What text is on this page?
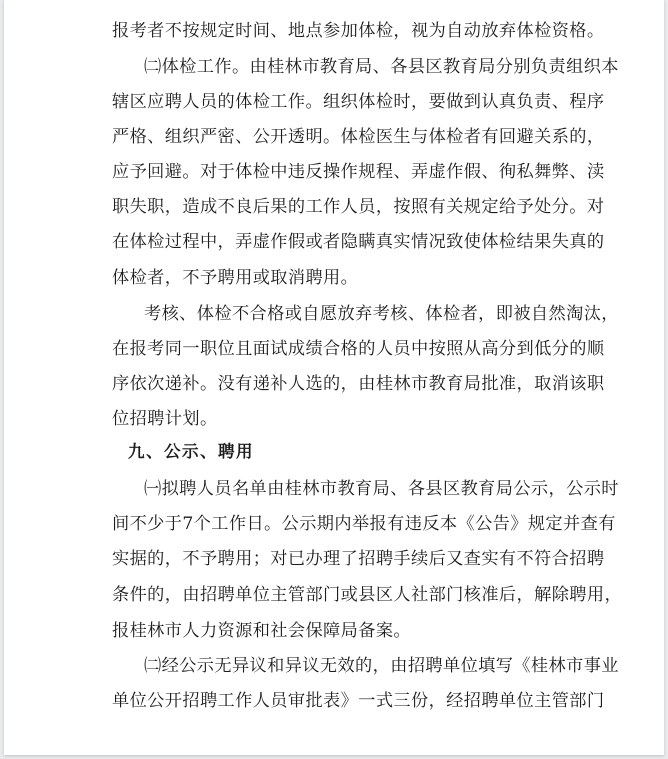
报考者不按规定时间、地点参加体检，视为自动放弃体检资格。
㈡体检工作。由桂林市教育局、各县区教育局分别负责组织本
辖区应聘人员的体检工作。组织体检时，要做到认真负责、程序
严格、组织严密、公开透明。体检医生与体检者有回避关系的，
应予回避。对于体检中违反操作规程、弄虚作假、徇私舞弊、渎
职失职，造成不良后果的工作人员，按照有关规定给予处分。对
在体检过程中，弄虚作假或者隐瞒真实情况致使体检结果失真的
体检者，不予聘用或取消聘用。
考核、体检不合格或自愿放弃考核、体检者，即被自然淘汰，
在报考同一职位且面试成绩合格的人员中按照从高分到低分的顺
序依次递补。没有递补人选的，由桂林市教育局批准，取消该职
位招聘计划。
九、公示、聘用
㈠拟聘人员名单由桂林市教育局、各县区教育局公示，公示时
间不少于7个工作日。公示期内举报有违反本《公告》规定并查有
实据的，不予聘用；对已办理了招聘手续后又查实有不符合招聘
条件的，由招聘单位主管部门或县区人社部门核准后，解除聘用，
报桂林市人力资源和社会保障局备案。
㈡经公示无异议和异议无效的，由招聘单位填写《桂林市事业
单位公开招聘工作人员审批表》一式三份，经招聘单位主管部门
